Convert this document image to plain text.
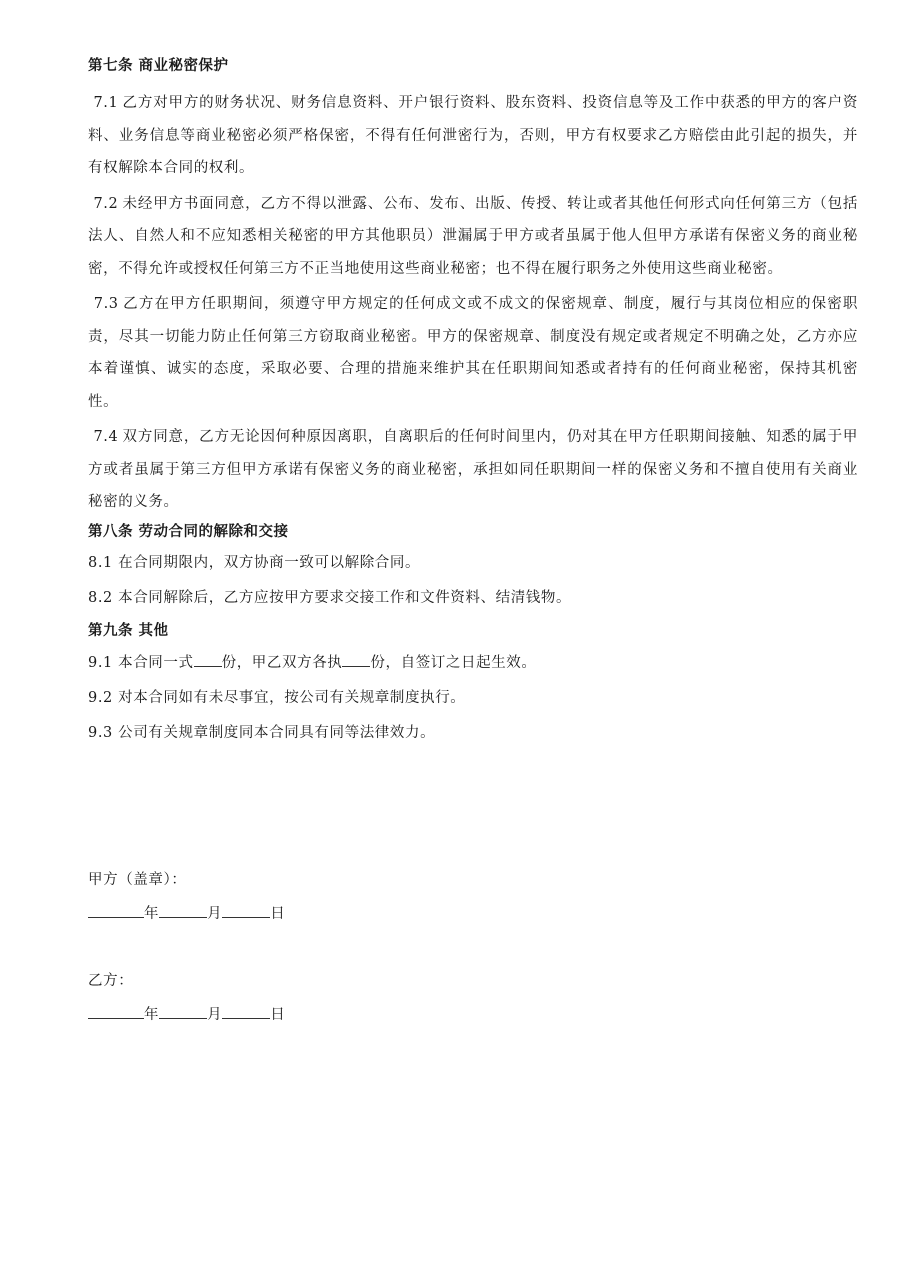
第七条 商业秘密保护

7.1 乙方对甲方的财务状况、财务信息资料、开户银行资料、股东资料、投资信息等及工作中获悉的甲方的客户资料、业务信息等商业秘密必须严格保密，不得有任何泄密行为，否则，甲方有权要求乙方赔偿由此引起的损失，并有权解除本合同的权利。

7.2 未经甲方书面同意，乙方不得以泄露、公布、发布、出版、传授、转让或者其他任何形式向任何第三方（包括法人、自然人和不应知悉相关秘密的甲方其他职员）泄漏属于甲方或者虽属于他人但甲方承诺有保密义务的商业秘密，不得允许或授权任何第三方不正当地使用这些商业秘密；也不得在履行职务之外使用这些商业秘密。

7.3 乙方在甲方任职期间，须遵守甲方规定的任何成文或不成文的保密规章、制度，履行与其岗位相应的保密职责，尽其一切能力防止任何第三方窃取商业秘密。甲方的保密规章、制度没有规定或者规定不明确之处，乙方亦应本着谨慎、诚实的态度，采取必要、合理的措施来维护其在任职期间知悉或者持有的任何商业秘密，保持其机密性。

7.4 双方同意，乙方无论因何种原因离职，自离职后的任何时间里内，仍对其在甲方任职期间接触、知悉的属于甲方或者虽属于第三方但甲方承诺有保密义务的商业秘密，承担如同任职期间一样的保密义务和不擅自使用有关商业秘密的义务。

第八条 劳动合同的解除和交接
8.1 在合同期限内，双方协商一致可以解除合同。
8.2 本合同解除后，乙方应按甲方要求交接工作和文件资料、结清钱物。
第九条 其他
9.1 本合同一式 份，甲乙双方各执 份，自签订之日起生效。
9.2 对本合同如有未尽事宜，按公司有关规章制度执行。
9.3 公司有关规章制度同本合同具有同等法律效力。
甲方（盖章）：
年	月	日
乙方：
年	月	日
